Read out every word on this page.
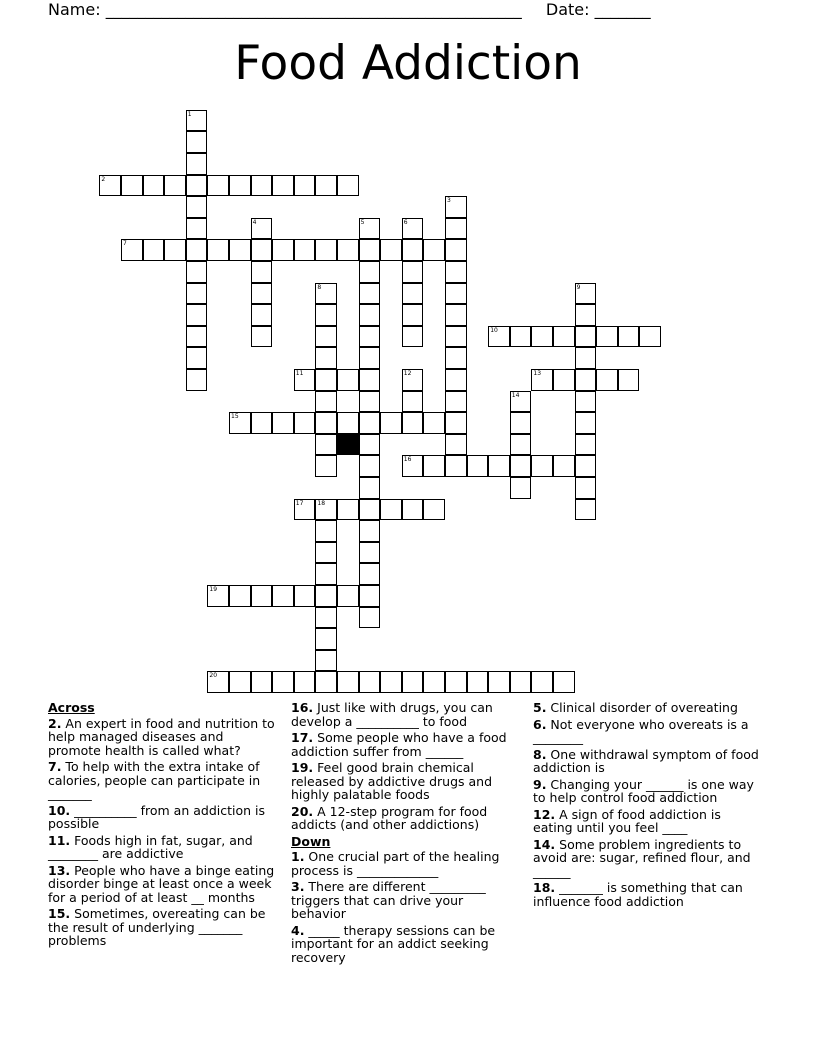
Name: ____________________________________________________ Date: _______
Food Addiction
1
2
3
4	5	6
7
8	9
10
11	12	13
14
15
16
17 18
19
20
Across
2. An expert in food and nutrition to help managed diseases and promote health is called what?
7. To help with the extra intake of calories, people can participate in _______
10. __________ from an addiction is possible
11. Foods high in fat, sugar, and ________ are addictive
13. People who have a binge eating disorder binge at least once a week for a period of at least __ months
15. Sometimes, overeating can be the result of underlying _______ problems
16. Just like with drugs, you can develop a __________ to food
17. Some people who have a food addiction suffer from ______
19. Feel good brain chemical released by addictive drugs and highly palatable foods
20. A 12-step program for food addicts (and other addictions)
Down
1. One crucial part of the healing process is _____________
3. There are different _________ triggers that can drive your behavior
4. _____ therapy sessions can be important for an addict seeking recovery
5. Clinical disorder of overeating
6. Not everyone who overeats is a ________
8. One withdrawal symptom of food addiction is
9. Changing your ______ is one way to help control food addiction
12. A sign of food addiction is eating until you feel ____
14. Some problem ingredients to avoid are: sugar, refined flour, and ______
18. _______ is something that can influence food addiction
